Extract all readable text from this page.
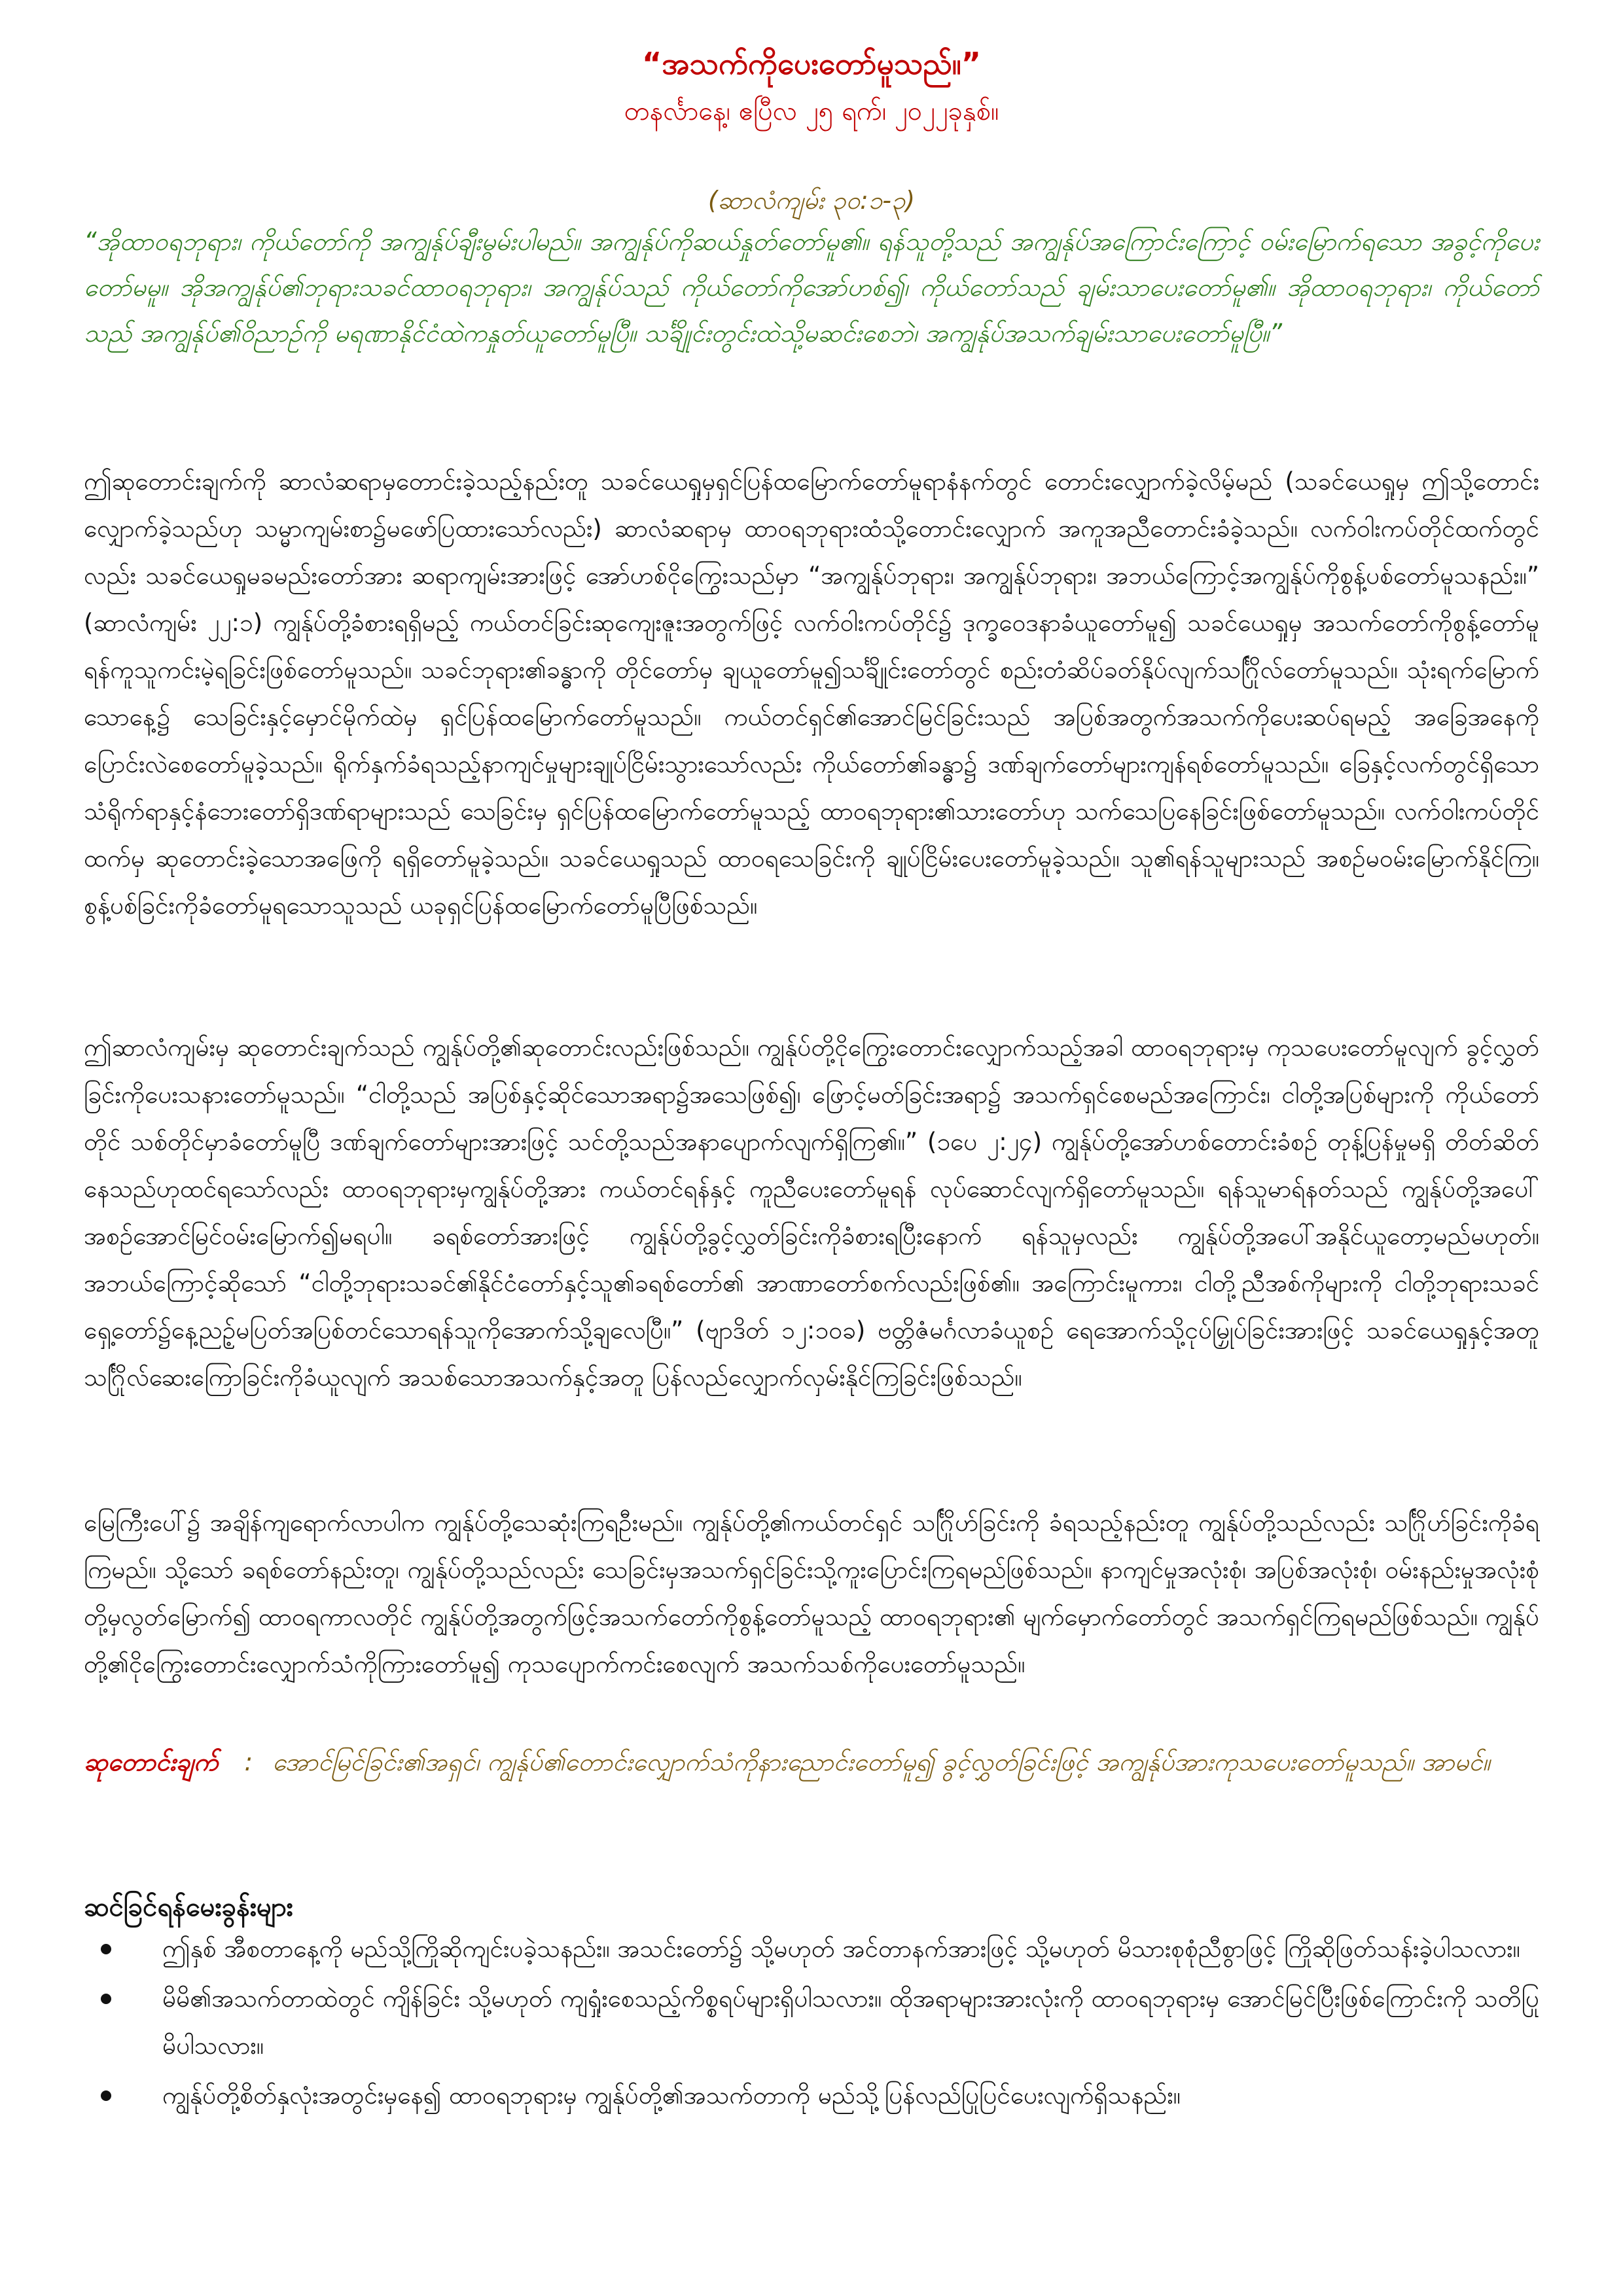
“အသက်ကိုပေးတော်မူသည်။”
တနင်္လာနေ့၊ ဧပြီလ ၂၅ ရက်၊ ၂၀၂၂ခုနှစ်။
(ဆာလံကျမ်း ၃၀:၁-၃)

“အိုထာဝရဘုရား၊ ကိုယ်တော်ကို အကျွန်ုပ်ချီးမွမ်းပါမည်။ အကျွန်ုပ်ကိုဆယ်နှုတ်တော်မူ၏။ ရန်သူတို့သည် အကျွန်ုပ်အကြောင်းကြောင့် ဝမ်းမြောက်ရသော အခွင့်ကိုပေးတော်မမူ။ အိုအကျွန်ုပ်၏ဘုရားသခင်ထာဝရဘုရား၊ အကျွန်ုပ်သည် ကိုယ်တော်ကိုအော်ဟစ်၍၊ ကိုယ်တော်သည် ချမ်းသာပေးတော်မူ၏။ အိုထာဝရဘုရား၊ ကိုယ်တော်သည် အကျွန်ုပ်၏ဝိညာဉ်ကို မရဏာနိုင်ငံထဲကနှုတ်ယူတော်မူပြီ။ သင်္ချိုင်းတွင်းထဲသို့မဆင်းစေဘဲ၊ အကျွန်ုပ်အသက်ချမ်းသာပေးတော်မူပြီ။”

ဤဆုတောင်းချက်ကို ဆာလံဆရာမှတောင်းခဲ့သည့်နည်းတူ သခင်ယေရှုမှရှင်ပြန်ထမြောက်တော်မူရာနံနက်တွင် တောင်းလျှောက်ခဲ့လိမ့်မည် (သခင်ယေရှုမှ ဤသို့တောင်းလျှောက်ခဲ့သည်ဟု သမ္မာကျမ်းစာ၌မဖော်ပြထားသော်လည်း) ဆာလံဆရာမှ ထာဝရဘုရားထံသို့တောင်းလျှောက် အကူအညီတောင်းခံခဲ့သည်။ လက်ဝါးကပ်တိုင်ထက်တွင်လည်း သခင်ယေရှုမခမည်းတော်အား ဆရာကျမ်းအားဖြင့် အော်ဟစ်ငိုကြွေးသည်မှာ “အကျွန်ုပ်ဘုရား၊ အကျွန်ုပ်ဘုရား၊ အဘယ်ကြောင့်အကျွန်ုပ်ကိုစွန့်ပစ်တော်မူသနည်း။” (ဆာလံကျမ်း ၂၂:၁) ကျွန်ုပ်တို့ခံစားရရှိမည့် ကယ်တင်ခြင်းဆုကျေးဇူးအတွက်ဖြင့် လက်ဝါးကပ်တိုင်၌ ဒုက္ခဝေဒနာခံယူတော်မူ၍ သခင်ယေရှုမှ အသက်တော်ကိုစွန့်တော်မူရန်ကူသူကင်းမဲ့ရခြင်းဖြစ်တော်မူသည်။ သခင်ဘုရား၏ခန္ဓာကို တိုင်တော်မှ ချယူတော်မူ၍သင်္ချိုင်းတော်တွင် စည်းတံဆိပ်ခတ်နိုပ်လျက်သင်္ဂြိုလ်တော်မူသည်။ သုံးရက်မြောက်သောနေ့၌ သေခြင်းနှင့်မှောင်မိုက်ထဲမှ ရှင်ပြန်ထမြောက်တော်မူသည်။ ကယ်တင်ရှင်၏အောင်မြင်ခြင်းသည် အပြစ်အတွက်အသက်ကိုပေးဆပ်ရမည့် အခြေအနေကိုပြောင်းလဲစေတော်မူခဲ့သည်။ ရိုက်နှက်ခံရသည့်နာကျင်မှုများချုပ်ငြိမ်းသွားသော်လည်း ကိုယ်တော်၏ခန္ဓာ၌ ဒဏ်ချက်တော်များကျန်ရစ်တော်မူသည်။ ခြေနှင့်လက်တွင်ရှိသော သံရိုက်ရာနှင့်နံဘေးတော်ရှိဒဏ်ရာများသည် သေခြင်းမှ ရှင်ပြန်ထမြောက်တော်မူသည့် ထာဝရဘုရား၏သားတော်ဟု သက်သေပြနေခြင်းဖြစ်တော်မူသည်။ လက်ဝါးကပ်တိုင်ထက်မှ ဆုတောင်းခဲ့သောအဖြေကို ရရှိတော်မူခဲ့သည်။ သခင်ယေရှုသည် ထာဝရသေခြင်းကို ချုပ်ငြိမ်းပေးတော်မူခဲ့သည်။ သူ၏ရန်သူများသည် အစဉ်မဝမ်းမြောက်နိုင်ကြ။ စွန့်ပစ်ခြင်းကိုခံတော်မူရသောသူသည် ယခုရှင်ပြန်ထမြောက်တော်မူပြီဖြစ်သည်။

ဤဆာလံကျမ်းမှ ဆုတောင်းချက်သည် ကျွန်ုပ်တို့၏ဆုတောင်းလည်းဖြစ်သည်။ ကျွန်ုပ်တို့ငိုကြွေးတောင်းလျှောက်သည့်အခါ ထာဝရဘုရားမှ ကုသပေးတော်မူလျက် ခွင့်လွှတ်ခြင်းကိုပေးသနားတော်မူသည်။ “ငါတို့သည် အပြစ်နှင့်ဆိုင်သောအရာ၌အသေဖြစ်၍၊ ဖြောင့်မတ်ခြင်းအရာ၌ အသက်ရှင်စေမည်အကြောင်း၊ ငါတို့အပြစ်များကို ကိုယ်တော်တိုင် သစ်တိုင်မှာခံတော်မူပြီ ဒဏ်ချက်တော်များအားဖြင့် သင်တို့သည်အနာပျောက်လျက်ရှိကြ၏။” (၁ပေ ၂:၂၄) ကျွန်ုပ်တို့အော်ဟစ်တောင်းခံစဉ် တုန့်ပြန်မှုမရှိ တိတ်ဆိတ်နေသည်ဟုထင်ရသော်လည်း ထာဝရဘုရားမှကျွန်ုပ်တို့အား ကယ်တင်ရန်နှင့် ကူညီပေးတော်မူရန် လုပ်ဆောင်လျက်ရှိတော်မူသည်။ ရန်သူမာရ်နတ်သည် ကျွန်ုပ်တို့အပေါ် အစဉ်အောင်မြင်ဝမ်းမြောက်၍မရပါ။ ခရစ်တော်အားဖြင့် ကျွန်ုပ်တို့ခွင့်လွှတ်ခြင်းကိုခံစားရပြီးနောက် ရန်သူမှလည်း ကျွန်ုပ်တို့အပေါ်အနိုင်ယူတော့မည်မဟုတ်။ အဘယ်ကြောင့်ဆိုသော် “ငါတို့ဘုရားသခင်၏နိုင်ငံတော်နှင့်သူ၏ခရစ်တော်၏ အာဏာတော်စက်လည်းဖြစ်၏။ အကြောင်းမူကား၊ ငါတို့ညီအစ်ကိုများကို ငါတို့ဘုရားသခင်ရှေ့တော်၌နေ့ညဉ့်မပြတ်အပြစ်တင်သောရန်သူကိုအောက်သို့ချလေပြီ။” (ဗျာဒိတ် ၁၂:၁၀ခ) ဗတ္တိဇံမင်္ဂလာခံယူစဉ် ရေအောက်သို့ငုပ်မြှုပ်ခြင်းအားဖြင့် သခင်ယေရှုနှင့်အတူ သင်္ဂြိုလ်ဆေးကြောခြင်းကိုခံယူလျက် အသစ်သောအသက်နှင့်အတူ ပြန်လည်လျှောက်လှမ်းနိုင်ကြခြင်းဖြစ်သည်။

မြေကြီးပေါ်၌ အချိန်ကျရောက်လာပါက ကျွန်ုပ်တို့သေဆုံးကြရဦးမည်။ ကျွန်ုပ်တို့၏ကယ်တင်ရှင် သင်္ဂြိုဟ်ခြင်းကို ခံရသည့်နည်းတူ ကျွန်ုပ်တို့သည်လည်း သင်္ဂြိုဟ်ခြင်းကိုခံရကြမည်။ သို့သော် ခရစ်တော်နည်းတူ၊ ကျွန်ုပ်တို့သည်လည်း သေခြင်းမှအသက်ရှင်ခြင်းသို့ကူးပြောင်းကြရမည်ဖြစ်သည်။ နာကျင်မှုအလုံးစုံ၊ အပြစ်အလုံးစုံ၊ ဝမ်းနည်းမှုအလုံးစုံတို့မှလွတ်မြောက်၍ ထာဝရကာလတိုင် ကျွန်ုပ်တို့အတွက်ဖြင့်အသက်တော်ကိုစွန့်တော်မူသည့် ထာဝရဘုရား၏ မျက်မှောက်တော်တွင် အသက်ရှင်ကြရမည်ဖြစ်သည်။ ကျွန်ုပ်တို့၏ငိုကြွေးတောင်းလျှောက်သံကိုကြားတော်မူ၍ ကုသပျောက်ကင်းစေလျက် အသက်သစ်ကိုပေးတော်မူသည်။

ဆုတောင်းချက် : အောင်မြင်ခြင်း၏အရှင်၊ ကျွန်ုပ်၏တောင်းလျှောက်သံကိုနားညောင်းတော်မူ၍ ခွင့်လွှတ်ခြင်းဖြင့် အကျွန်ုပ်အားကုသပေးတော်မူသည်။ အာမင်။

ဆင်ခြင်ရန်မေးခွန်းများ
ဤနှစ် အီစတာနေ့ကို မည်သို့ကြိုဆိုကျင်းပခဲ့သနည်း။ အသင်းတော်၌ သို့မဟုတ် အင်တာနက်အားဖြင့် သို့မဟုတ် မိသားစုစုံညီစွာဖြင့် ကြိုဆိုဖြတ်သန်းခဲ့ပါသလား။
မိမိ၏အသက်တာထဲတွင် ကျိန်ခြင်း သို့မဟုတ် ကျရှုံးစေသည့်ကိစ္စရပ်များရှိပါသလား။ ထိုအရာများအားလုံးကို ထာဝရဘုရားမှ အောင်မြင်ပြီးဖြစ်ကြောင်းကို သတိပြုမိပါသလား။
ကျွန်ုပ်တို့စိတ်နှလုံးအတွင်းမှနေ၍ ထာဝရဘုရားမှ ကျွန်ုပ်တို့၏အသက်တာကို မည်သို့ပြန်လည်ပြုပြင်ပေးလျက်ရှိသနည်း။
